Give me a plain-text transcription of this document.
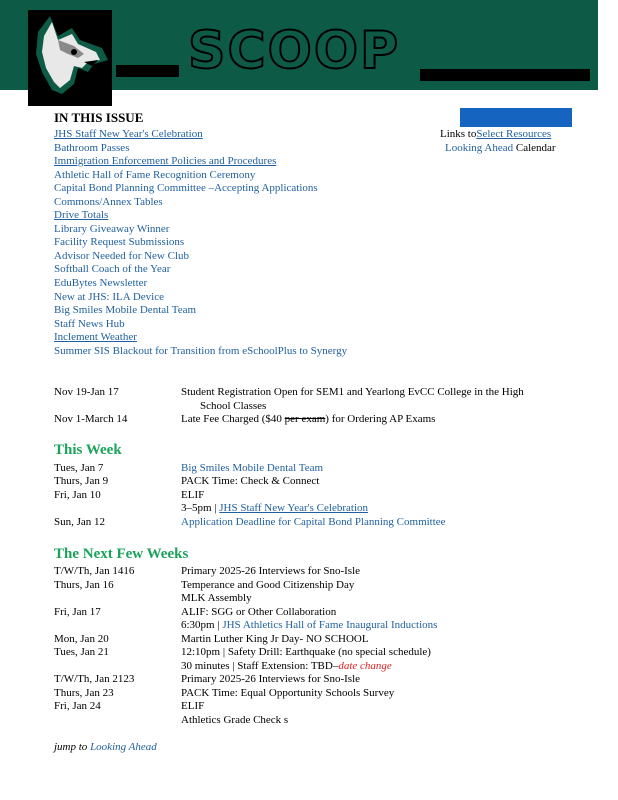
SCOOP
IN THIS ISSUE
JHS Staff New Year's Celebration
Bathroom Passes
Immigration Enforcement Policies and Procedures
Athletic Hall of Fame Recognition Ceremony
Capital Bond Planning Committee –Accepting Applications
Commons/Annex Tables
Drive Totals
Library Giveaway Winner
Facility Request Submissions
Advisor Needed for New Club
Softball Coach of the Year
EduBytes Newsletter
New at JHS: ILA Device
Big Smiles Mobile Dental Team
Staff News Hub
Inclement Weather
Summer SIS Blackout for Transition from eSchoolPlus to Synergy
Links toSelect Resources
Looking Ahead Calendar
Nov 19-Jan 17	Student Registration Open for SEM1 and Yearlong EvCC College in the High
School Classes
Nov 1-March 14	Late Fee Charged ($40 per exam) for Ordering AP Exams
This Week
Tues, Jan 7	Big Smiles Mobile Dental Team
Thurs, Jan 9	PACK Time: Check & Connect
Fri, Jan 10	ELIF
3–5pm | JHS Staff New Year's Celebration
Sun, Jan 12	Application Deadline for Capital Bond Planning Committee
The Next Few Weeks
T/W/Th, Jan 1416	Primary 2025-26 Interviews for Sno-Isle
Thurs, Jan 16	Temperance and Good Citizenship Day
MLK Assembly
Fri, Jan 17	ALIF: SGG or Other Collaboration
6:30pm | JHS Athletics Hall of Fame Inaugural Inductions
Mon, Jan 20	Martin Luther King Jr Day- NO SCHOOL
Tues, Jan 21	12:10pm | Safety Drill: Earthquake (no special schedule)
30 minutes | Staff Extension: TBD–date change
T/W/Th, Jan 2123	Primary 2025-26 Interviews for Sno-Isle
Thurs, Jan 23	PACK Time: Equal Opportunity Schools Survey
Fri, Jan 24	ELIF
Athletics Grade Check s
jump to Looking Ahead
